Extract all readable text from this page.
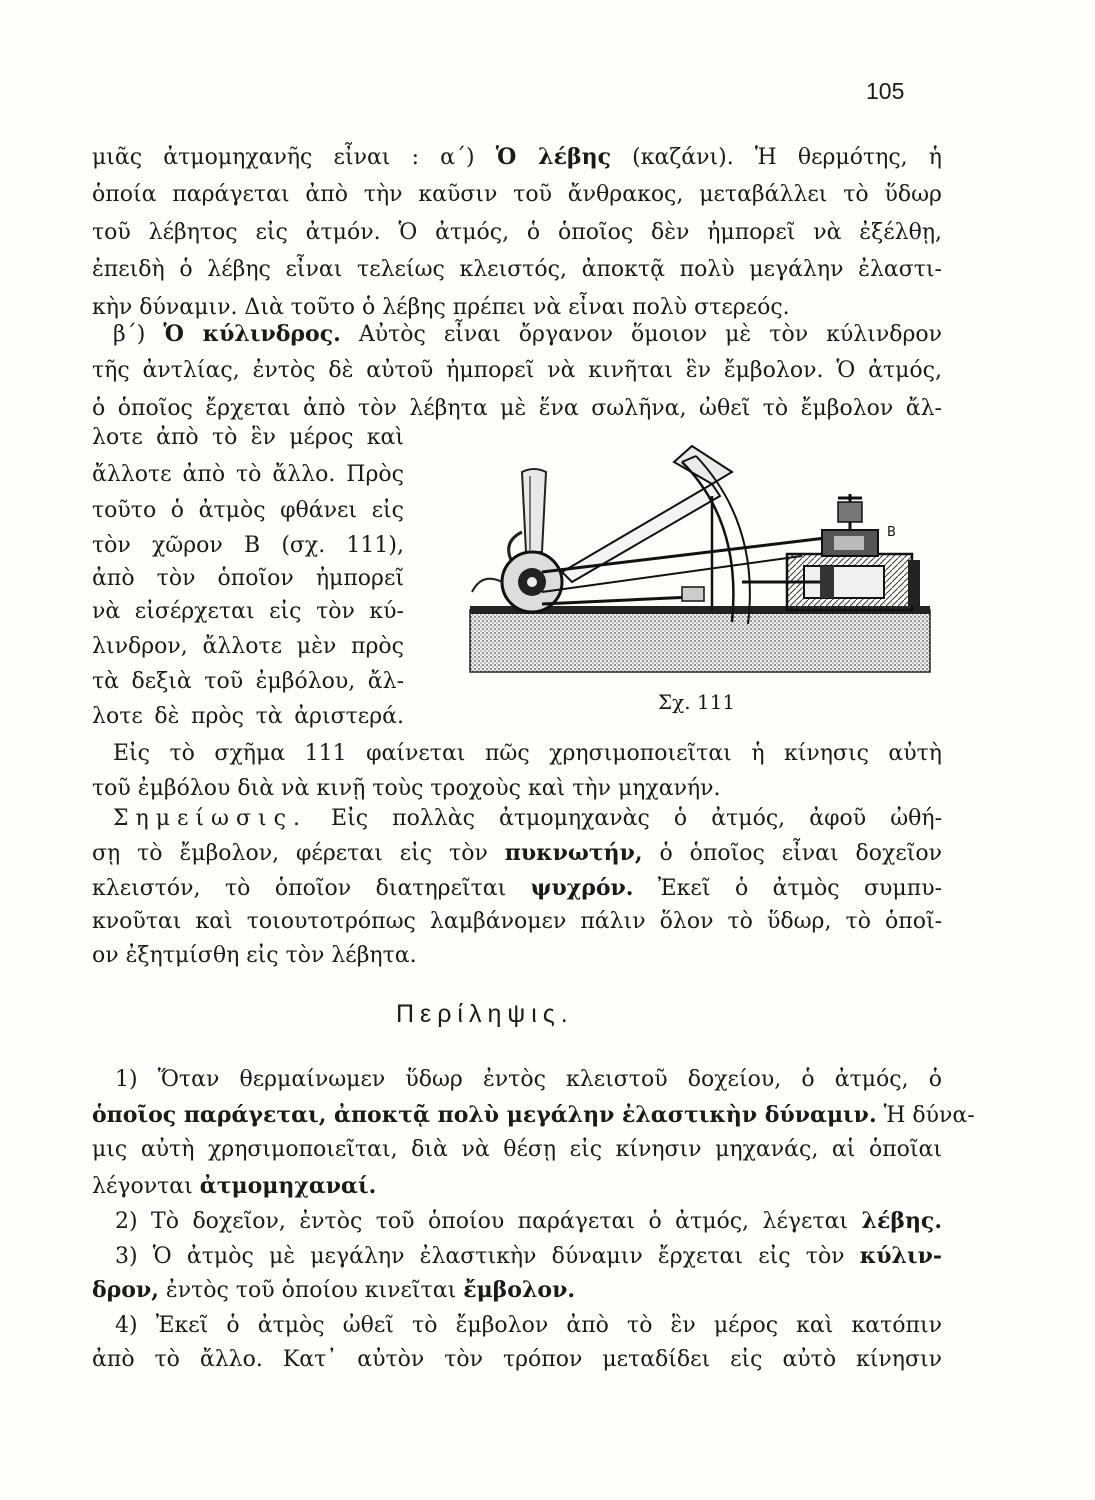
105
μιᾶς ἀτμομηχανῆς εἶναι : α΄) Ὁ λέβης (καζάνι). Ἡ θερμότης, ἡ
ὁποία παράγεται ἀπὸ τὴν καῦσιν τοῦ ἄνθρακος, μεταβάλλει τὸ ὕδωρ
τοῦ λέβητος εἰς ἀτμόν. Ὁ ἀτμός, ὁ ὁποῖος δὲν ἠμπορεῖ νὰ ἐξέλθῃ,
ἐπειδὴ ὁ λέβης εἶναι τελείως κλειστός, ἀποκτᾷ πολὺ μεγάλην ἐλαστι-
κὴν δύναμιν. Διὰ τοῦτο ὁ λέβης πρέπει νὰ εἶναι πολὺ στερεός.
β΄) Ὁ κύλινδρος. Αὐτὸς εἶναι ὄργανον ὅμοιον μὲ τὸν κύλινδρον
τῆς ἀντλίας, ἐντὸς δὲ αὐτοῦ ἠμπορεῖ νὰ κινῆται ἓν ἔμβολον. Ὁ ἀτμός,
ὁ ὁποῖος ἔρχεται ἀπὸ τὸν λέβητα μὲ ἕνα σωλῆνα, ὠθεῖ τὸ ἔμβολον ἄλ-
λοτε ἀπὸ τὸ ἓν μέρος καὶ
ἄλλοτε ἀπὸ τὸ ἄλλο. Πρὸς
τοῦτο ὁ ἀτμὸς φθάνει εἰς
τὸν χῶρον Β (σχ. 111),
ἀπὸ τὸν ὁποῖον ἠμπορεῖ
νὰ εἰσέρχεται εἰς τὸν κύ-
λινδρον, ἄλλοτε μὲν πρὸς
τὰ δεξιὰ τοῦ ἐμβόλου, ἄλ-
λοτε δὲ πρὸς τὰ ἀριστερά.
B
Σχ. 111
Εἰς τὸ σχῆμα 111 φαίνεται πῶς χρησιμοποιεῖται ἡ κίνησις αὐτὴ
τοῦ ἐμβόλου διὰ νὰ κινῇ τοὺς τροχοὺς καὶ τὴν μηχανήν.
Σημείωσις. Εἰς πολλὰς ἀτμομηχανὰς ὁ ἀτμός, ἀφοῦ ὠθή-
σῃ τὸ ἔμβολον, φέρεται εἰς τὸν πυκνωτήν, ὁ ὁποῖος εἶναι δοχεῖον
κλειστόν, τὸ ὁποῖον διατηρεῖται ψυχρόν. Ἐκεῖ ὁ ἀτμὸς συμπυ-
κνοῦται καὶ τοιουτοτρόπως λαμβάνομεν πάλιν ὅλον τὸ ὕδωρ, τὸ ὁποῖ-
ον ἐξητμίσθη εἰς τὸν λέβητα.
Περίληψις.
1) Ὅταν θερμαίνωμεν ὕδωρ ἐντὸς κλειστοῦ δοχείου, ὁ ἀτμός, ὁ
ὁποῖος παράγεται, ἀποκτᾷ πολὺ μεγάλην ἐλαστικὴν δύναμιν. Ἡ δύνα-
μις αὐτὴ χρησιμοποιεῖται, διὰ νὰ θέσῃ εἰς κίνησιν μηχανάς, αἱ ὁποῖαι
λέγονται ἀτμομηχαναί.
2) Τὸ δοχεῖον, ἐντὸς τοῦ ὁποίου παράγεται ὁ ἀτμός, λέγεται λέβης.
3) Ὁ ἀτμὸς μὲ μεγάλην ἐλαστικὴν δύναμιν ἔρχεται εἰς τὸν κύλιν-
δρον, ἐντὸς τοῦ ὁποίου κινεῖται ἔμβολον.
4) Ἐκεῖ ὁ ἀτμὸς ὠθεῖ τὸ ἔμβολον ἀπὸ τὸ ἓν μέρος καὶ κατόπιν
ἀπὸ τὸ ἄλλο. Κατ᾽ αὐτὸν τὸν τρόπον μεταδίδει εἰς αὐτὸ κίνησιν
